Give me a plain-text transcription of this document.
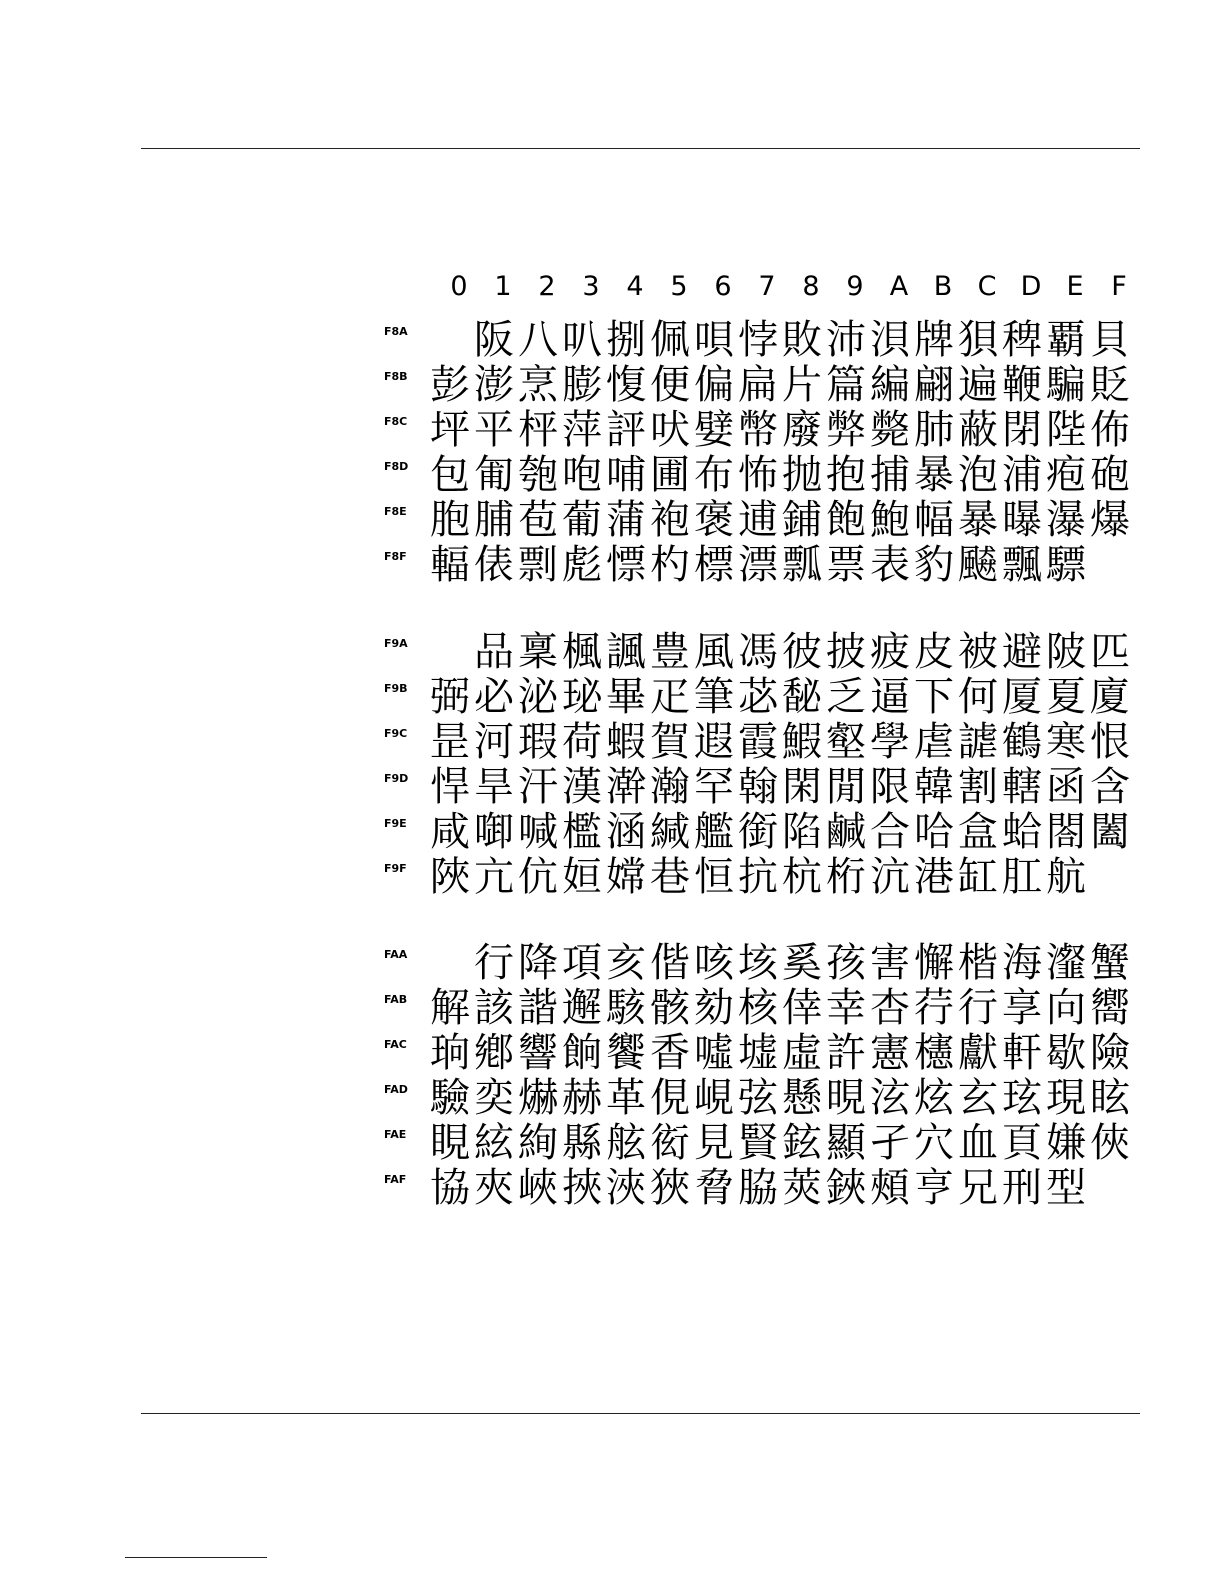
0 1 2 3 4 5 6 7 8 9 A B C D E	F
F8A	阪 八 叭 捌 佩 唄 悖 敗 沛 浿 牌 狽 稗 覇 貝
F8B 彭 澎 烹 膨 愎 便 偏 扁 片 篇 編 翩 遍 鞭 騙 貶
F8C 坪 平 枰 萍 評 吠 嬖 幣 廢 弊 斃 肺 蔽 閉 陛 佈
F8D 包 匍 匏 咆 哺 圃 布 怖 抛 抱 捕 暴 泡 浦 疱 砲
F8E 胞 脯 苞 葡 蒲 袍 褒 逋 鋪 飽 鮑 幅 暴 曝 瀑 爆
F8F 輻 俵 剽 彪 慓 杓 標 漂 瓢 票 表 豹 飇 飄 驃
F9A	品 稟 楓 諷 豊 風 馮 彼 披 疲 皮 被 避 陂 匹
F9B 弼 必 泌 珌 畢 疋 筆 苾 馝 乏 逼 下 何 厦 夏 廈
F9C 昰 河 瑕 荷 蝦 賀 遐 霞 鰕 壑 學 虐 謔 鶴 寒 恨
F9D 悍 旱 汗 漢 澣 瀚 罕 翰 閑 閒 限 韓 割 轄 函 含
F9E 咸 啣 喊 檻 涵 緘 艦 銜 陷 鹹 合 哈 盒 蛤 閤 闔
F9F 陜 亢 伉 姮 嫦 巷 恒 抗 杭 桁 沆 港 缸 肛 航
FAA	行 降 項 亥 偕 咳 垓 奚 孩 害 懈 楷 海 瀣 蟹
FAB 解 該 諧 邂 駭 骸 劾 核 倖 幸 杏 荇 行 享 向 嚮
FAC 珦 鄕 響 餉 饗 香 噓 墟 虛 許 憲 櫶 獻 軒 歇 險
FAD 驗 奕 爀 赫 革 俔 峴 弦 懸 晛 泫 炫 玄 玹 現 眩
FAE 睍 絃 絢 縣 舷 衒 見 賢 鉉 顯 孑 穴 血 頁 嫌 俠
FAF 協 夾 峽 挾 浹 狹 脅 脇 莢 鋏 頰 亨 兄 刑 型
